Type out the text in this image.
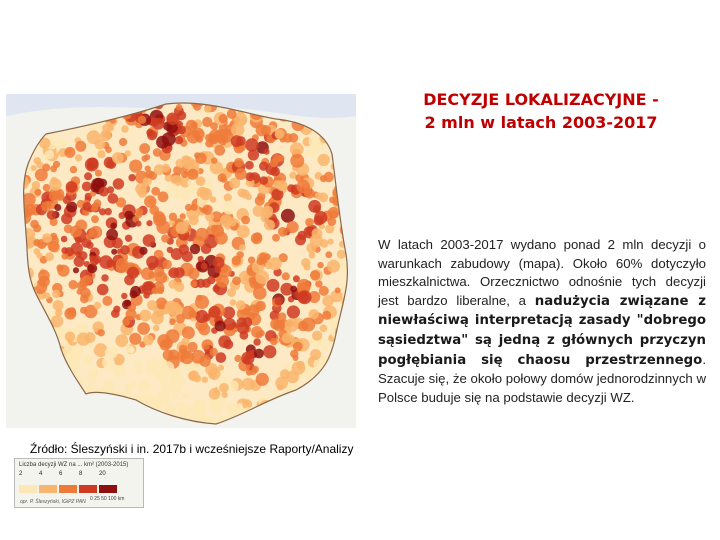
Liczba decyzji WZ na ... km² (2003-2015)
2	4	6	8	20
opr. P. Śleszyński, IGiPZ PAN 0 25 50 100 km
Źródło: Śleszyński i in. 2017b i wcześniejsze Raporty/Analizy
DECYZJE LOKALIZACYJNE -
2 mln w latach 2003-2017
W latach 2003-2017 wydano ponad 2 mln decyzji o warunkach zabudowy (mapa). Około 60% dotyczyło mieszkalnictwa. Orzecznictwo odnośnie tych decyzji jest bardzo liberalne, a nadużycia związane z niewłaściwą interpretacją zasady "dobrego sąsiedztwa" są jedną z głównych przyczyn pogłębiania się chaosu przestrzennego. Szacuje się, że około połowy domów jednorodzinnych w Polsce buduje się na podstawie decyzji WZ.
